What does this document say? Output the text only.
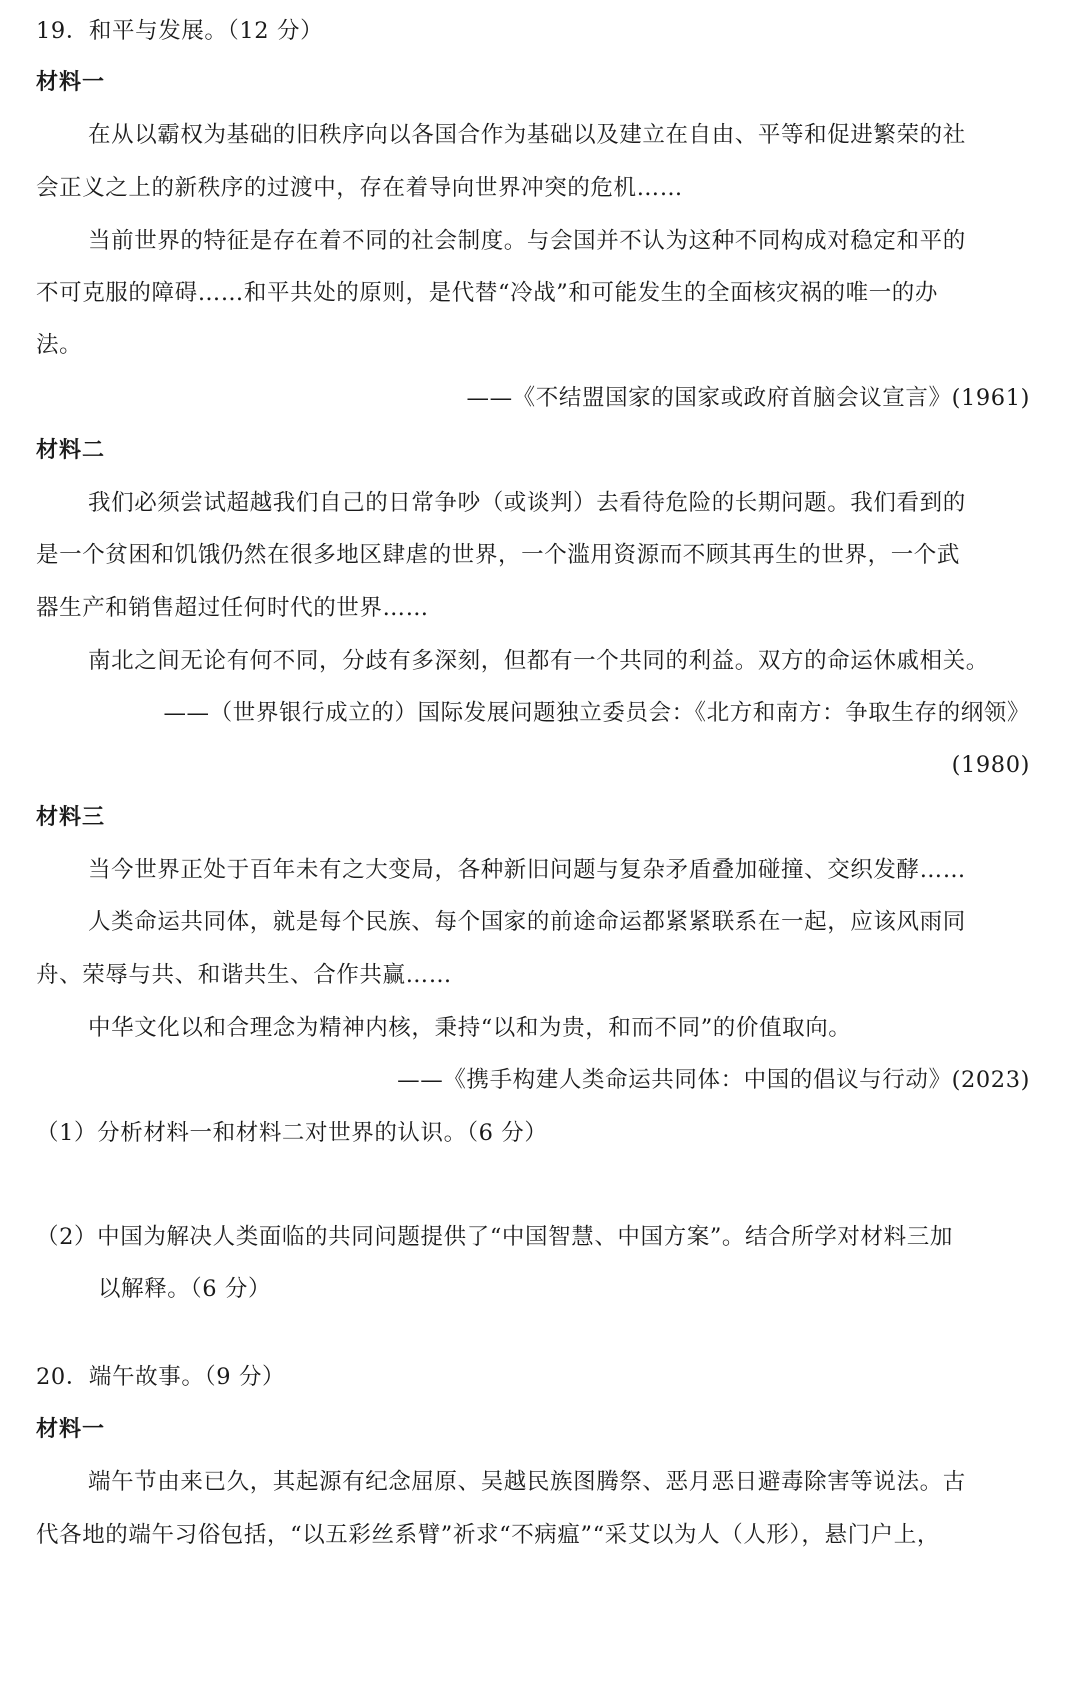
19．和平与发展。（12 分）
材料一
在从以霸权为基础的旧秩序向以各国合作为基础以及建立在自由、平等和促进繁荣的社
会正义之上的新秩序的过渡中，存在着导向世界冲突的危机……
当前世界的特征是存在着不同的社会制度。与会国并不认为这种不同构成对稳定和平的
不可克服的障碍……和平共处的原则，是代替“冷战”和可能发生的全面核灾祸的唯一的办
法。
——《不结盟国家的国家或政府首脑会议宣言》(1961)
材料二
我们必须尝试超越我们自己的日常争吵（或谈判）去看待危险的长期问题。我们看到的
是一个贫困和饥饿仍然在很多地区肆虐的世界，一个滥用资源而不顾其再生的世界，一个武
器生产和销售超过任何时代的世界……
南北之间无论有何不同，分歧有多深刻，但都有一个共同的利益。双方的命运休戚相关。
——（世界银行成立的）国际发展问题独立委员会：《北方和南方：争取生存的纲领》
(1980)
材料三
当今世界正处于百年未有之大变局，各种新旧问题与复杂矛盾叠加碰撞、交织发酵……
人类命运共同体，就是每个民族、每个国家的前途命运都紧紧联系在一起，应该风雨同
舟、荣辱与共、和谐共生、合作共赢……
中华文化以和合理念为精神内核，秉持“以和为贵，和而不同”的价值取向。
——《携手构建人类命运共同体：中国的倡议与行动》(2023)
（1）分析材料一和材料二对世界的认识。（6 分）
（2）中国为解决人类面临的共同问题提供了“中国智慧、中国方案”。结合所学对材料三加
以解释。（6 分）
20．端午故事。（9 分）
材料一
端午节由来已久，其起源有纪念屈原、吴越民族图腾祭、恶月恶日避毒除害等说法。古
代各地的端午习俗包括，“以五彩丝系臂”祈求“不病瘟”“采艾以为人（人形），悬门户上，
